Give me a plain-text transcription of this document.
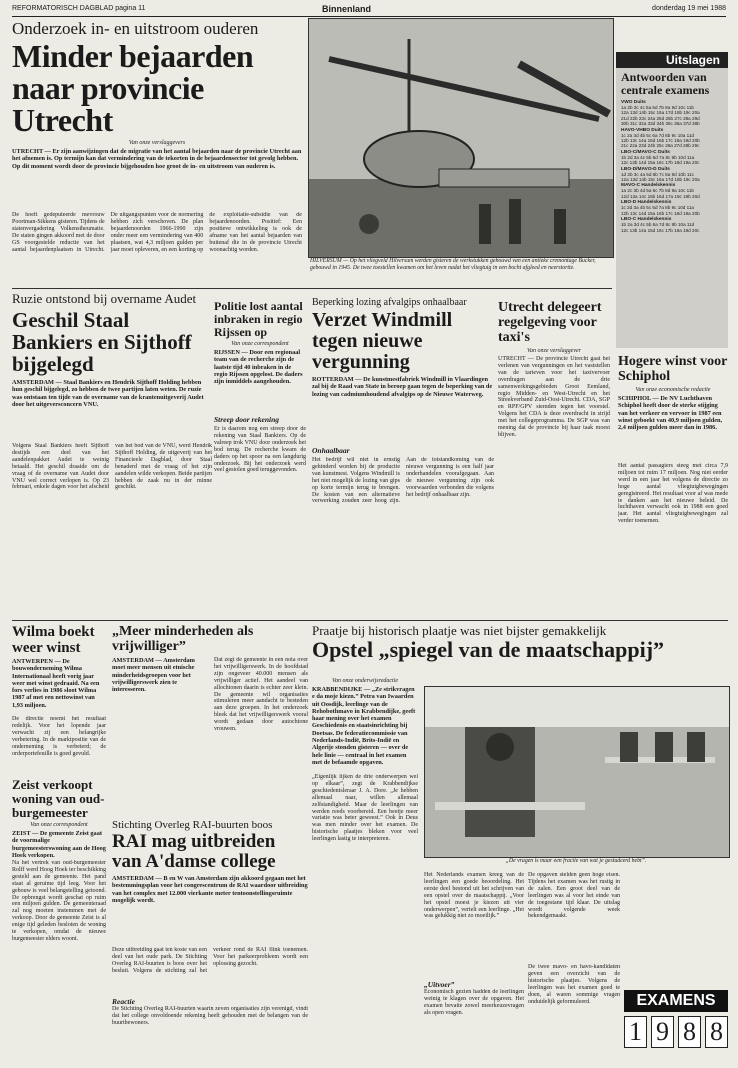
REFORMATORISCH DAGBLAD pagina 11	Binnenland	donderdag 19 mei 1988
Onderzoek in- en uitstroom ouderen
Minder bejaarden naar provincie Utrecht
Van onze verslaggevers
UTRECHT — Er zijn aanwijzingen dat de migratie van het aantal bejaarden naar de provincie Utrecht aan het afnemen is. Op termijn kan dat vermindering van de tekorten in de bejaardensector tot gevolg hebben. Op dit moment wordt door de provincie bijgehouden hoe groot de in- en uitstroom van ouderen is.
De hoeft gedeputeerde mevrouw Poortman-Sikkens gisteren. Tijdens de statenvergadering Volkenstheumatie. De staten gingen akkoord met de door GS voorgestelde reductie van het aantal bejaardenplaatsen in Utrecht. De uitgangspunten voor de normering hebben zich verschoven. De plan bejaardenoorden 1966-1990 zijn onder meer een vermindering van 400 plaatsen, wat 4,3 miljoen gulden per jaar moet opleveren, en een korting op de exploitatie-subsidie van de bejaardenoorden. Positief: Een positieve ontwikkeling is ook de afname van het aantal bejaarden van buitenaf die in de provincie Utrecht woonachtig worden.
HILVERSUM — Op het vliegveld Hilversum werden gisteren de werkstukken gebouwd van een antieke cremontage Bucker, gebouwd in 1945. De twee toestellen kwamen om het leven nadat het vliegtuig in een bocht afgleed en neerstortte.
Uitslagen
Antwoorden van centrale examens
VWO Duits
1a 2b 3c 4c 5a 6d 7b 8a 9d 10c 11b
12a 13d 14b 15c 16a 17d 18b 19c 20a
21d 22b 23c 24a 25d 26b 27c 28a 29d
30b 31c 32a 33d 34b 35c 36a 37d 38b
HAVO-VHBO Duits
1c 2a 3d 4b 5c 6a 7d 8b 9c 10a 11d
12b 13c 14a 15d 16b 17c 18a 19d 20b
21c 22a 23d 24b 25c 26a 27d 28b 29c
LBO-C/MAVO-C Duits
1b 2d 3a 4c 5b 6d 7a 8c 9b 10d 11a
12c 13b 14d 15a 16c 17b 18d 19a 20c
LBO-D/MAVO-D Duits
1d 2b 3c 4a 5d 6b 7c 8a 9d 10b 11c
12a 13d 14b 15c 16a 17d 18b 19c 20a
MAVO-C Handelskennis
1a 2c 3b 4d 5a 6c 7b 8d 9a 10c 11b
12d 13a 14c 15b 16d 17a 18c 19b 20d
LBO-D Handelskennis
1c 2d 3a 4b 5c 6d 7a 8b 9c 10d 11a
12b 13c 14d 15a 16b 17c 18d 19a 20b
LBO-C Handelskennis
1b 2a 3d 4c 5b 6a 7d 8c 9b 10a 11d
12c 13b 14a 15d 16c 17b 18a 19d 20c
Ruzie ontstond bij overname Audet
Geschil Staal Bankiers en Sijthoff bijgelegd
AMSTERDAM — Staal Bankiers en Hendrik Sijthoff Holding hebben hun geschil bijgelegd, zo hebben de twee partijen laten weten. De ruzie was ontstaan ten tijde van de overname van de krantenuitgeverij Audet door het uitgeversconcern VNU.
Volgens Staal Bankiers heeft Sijthoff destijds een deel van het aandelenpakket Audet te weinig betaald. Het geschil draaide om de vraag of de overname van Audet door VNU wel correct verlopen is. Op 23 februari, enkele dagen voor het afscheid van het bod van de VNU, werd Hendrik Sijthoff Holding, de uitgeverij van het Financieele Dagblad, door Staal benaderd met de vraag of het zijn aandelen wilde verkopen. Beide partijen hebben de zaak nu in der minne geschikt.
Politie lost aantal inbraken in regio Rijssen op
Van onze correspondent
RIJSSEN — Door een regionaal team van de recherche zijn de laatste tijd 40 inbraken in de regio Rijssen opgelost. De daders zijn inmiddels aangehouden.
Streep door rekening
Er is daarom nog een streep door de rekening van Staal Bankiers. Op de valreep trok VNU door onderzoek het bod terug. De recherche kwam de daders op het spoor na een langdurig onderzoek. Bij het onderzoek werd veel gestolen goed teruggevonden.
Beperking lozing afvalgips onhaalbaar
Verzet Windmill tegen nieuwe vergunning
ROTTERDAM — De kunstmestfabriek Windmill in Vlaardingen zal bij de Raad van State in beroep gaan tegen de beperking van de lozing van cadmiumhoudend afvalgips op de Nieuwe Waterweg.
Onhaalbaar
Het bedrijf wil niet in ernstig gehinderd worden bij de productie van kunstmest. Volgens Windmill is het niet mogelijk de lozing van gips op korte termijn terug te brengen. De kosten van een alternatieve verwerking zouden zeer hoog zijn. Aan de totstandkoming van de nieuwe vergunning is een half jaar onderhandelen voorafgegaan. Aan de nieuwe vergunning zijn ook voorwaarden verbonden die volgens het bedrijf onhaalbaar zijn.
Utrecht delegeert regelgeving voor taxi's
Van onze verslaggever
UTRECHT — De provincie Utrecht gaat het verlenen van vergunningen en het vaststellen van de tarieven voor het taxivervoer overdragen aan de drie samenwerkingsgebieden Groot Eemland, regio Midden- en West-Utrecht en het Streekverband Zuid-Oost-Utrecht. CDA, SGP en RPF/GPV stemden tegen het voorstel. Volgens het CDA is deze overdracht in strijd met het collegeprogramma. De SGP was van mening dat de provincie bij haar taak moest blijven.
Hogere winst voor Schiphol
Van onze economische redactie
SCHIPHOL — De NV Luchthaven Schiphol heeft door de sterke stijging van het verkeer en vervoer in 1987 een winst geboekt van 40,9 miljoen gulden, 2,4 miljoen gulden meer dan in 1986.
Het aantal passagiers steeg met circa 7,9 miljoen tot ruim 17 miljoen. Nog niet eerder werd in een jaar het volgens de directie zo hoge aantal vliegtuigbewegingen geregistreerd. Het resultaat voor af was mede te danken aan het nieuwe beleid. De luchthaven verwacht ook in 1988 een goed jaar. Het aantal vliegtuigbewegingen zal verder toenemen.
Wilma boekt weer winst
ANTWERPEN — De bouwonderneming Wilma Internationaal heeft vorig jaar weer met winst gedraaid. Na een fors verlies in 1986 sloot Wilma 1987 af met een nettowinst van 1,93 miljoen.
De directie noemt het resultaat redelijk. Voor het lopende jaar verwacht zij een belangrijke verbetering. In de marktpositie van de onderneming is verbeterd; de orderportefeuille is goed gevuld.
Zeist verkoopt woning van oud-burgemeester
Van onze correspondent
ZEIST — De gemeente Zeist gaat de voormalige burgemeesterswoning aan de Hoog Hoek verkopen.
Na het vertrek van oud-burgemeester Rolff werd Hoog Hoek ter beschikking gesteld aan de gemeente. Het pand staat al geruime tijd leeg. Voor het gebouw is veel belangstelling getoond. De opbrengst wordt geschat op ruim een miljoen gulden. De gemeenteraad zal nog moeten instemmen met de verkoop. Door de gemeente Zeist is al enige tijd geleden besloten de woning te verkopen, omdat de nieuwe burgemeester elders woont.
„Meer minderheden als vrijwilliger”
AMSTERDAM — Amsterdam moet meer mensen uit etnische minderheidsgroepen voor het vrijwilligerswerk zien te interesseren.
Dat zegt de gemeente in een nota over het vrijwilligerswerk. In de hoofdstad zijn ongeveer 40.000 mensen als vrijwilliger actief. Het aandeel van allochtonen daarin is echter zeer klein. De gemeente wil organisaties stimuleren meer aandacht te besteden aan deze groepen. In het onderzoek bleek dat het vrijwilligerswerk vooral wordt gedaan door autochtone vrouwen.
Stichting Overleg RAI-buurten boos
RAI mag uitbreiden van A'damse college
AMSTERDAM — B en W van Amsterdam zijn akkoord gegaan met het bestemmingsplan voor het congrescentrum de RAI waardoor uitbreiding van het complex met 12.000 vierkante meter tentoonstellingsruimte mogelijk wordt.
Deze uitbreiding gaat ten koste van een deel van het oude park. De Stichting Overleg RAI-buurten is boos over het besluit. Volgens de stichting zal het verkeer rond de RAI flink toenemen. Voor het parkeerprobleem wordt een oplossing gezocht.
Reactie
De Stichting Overleg RAI-buurten waarin zeven organisaties zijn verenigd, vindt dat het college onvoldoende rekening heeft gehouden met de belangen van de buurtbewoners.
Praatje bij historisch plaatje was niet bijster gemakkelijk
Opstel „spiegel van de maatschappij”
Van onze onderwijsredactie
KRABBENDIJKE — „Ze strikvragen e da moje kiezn.” Petra van Iwaarden uit Oosdijk, leerlinge van de Rehobothmavo in Krabbendijke, geeft haar mening over het examen Geschiedenis en staatsinrichting bij Doetsas. De federatiecommissie van Nederlands-Indië, Brits-Indië en Algerije stonden gisteren — over de hele linie — centraal in het examen met de befaamde opgaven.
„Eigenlijk lijken de drie onderwerpen wel op elkaar”, zegt de Krabbendijkse geschiedenisleraar J. A. Dore. „Je hebben allemaal naar, willen allemaal zelfstandigheid. Maar de leerlingen van werden reeds voorbereid. Een beetje meer variatie was beter geweest.” Ook in Deus was men minder over het examen. De historische plaatjes bleken voor veel leerlingen lastig te interpreteren.
„De vragen is maar een fractie van wat je gestudeerd hebt”.
Het Nederlands examen kreeg van de leerlingen een goede beoordeling. Het eerste deel bestond uit het schrijven van een opstel over de maatschappij. „Voor het opstel moest je kiezen uit vier onderwerpen”, vertelt een leerlinge. „Het was gelukkig niet zo moeilijk.”
„Uitvoer”
Economisch gezien hadden de leerlingen weinig te klagen over de opgaven. Het examen bevatte zowel meerkeuzevragen als open vragen.
De opgaven stelden geen hoge eisen. Tijdens het examen was het rustig in de zalen. Een groot deel van de leerlingen was al voor het einde van de toegestane tijd klaar. De uitslag wordt volgende week bekendgemaakt.
De twee mavo- en havo-kandidaten geven een overzicht van de historische plaatjes. Volgens de leerlingen was het examen goed te doen, al waren sommige vragen onduidelijk geformuleerd.	EXAMENS
1 9 8 8
